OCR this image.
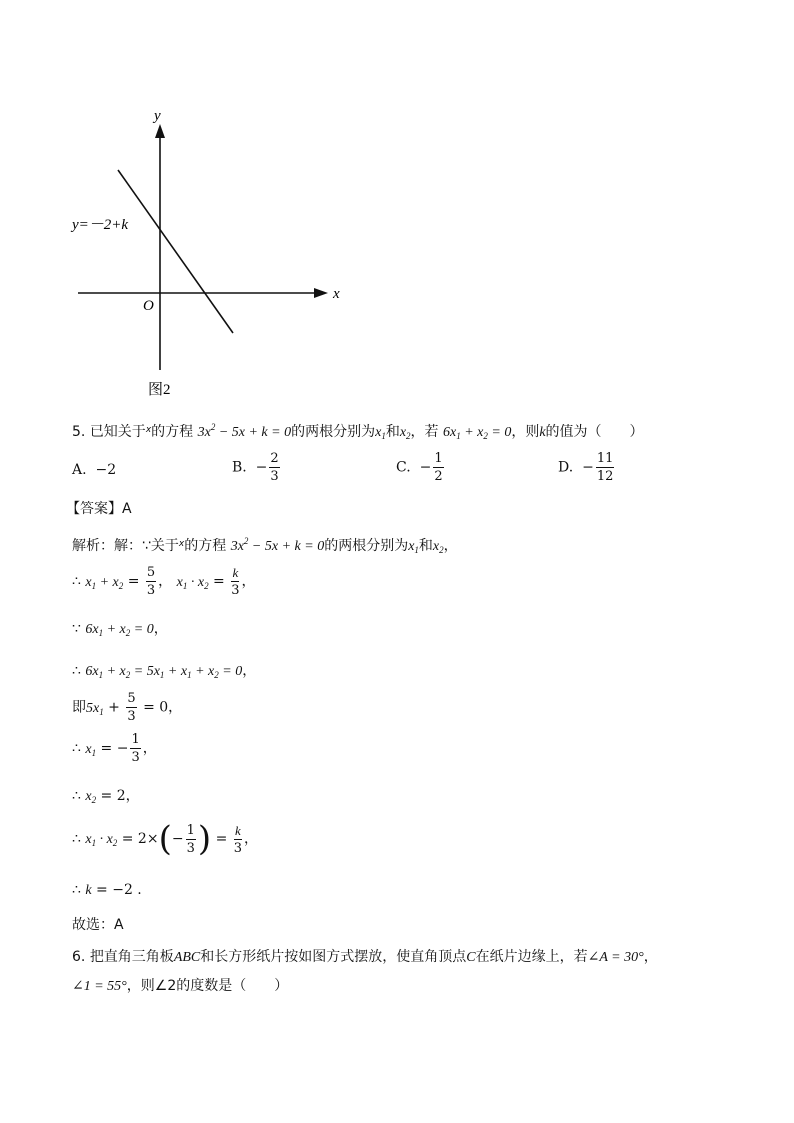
y
x
O
y=－2+k
图2
5. 已知关于$^x$的方程 $3x^2 - 5x + k = 0$的两根分别为$x_1$和$x_2$，若 $6x_1 + x_2 = 0$，则k的值为（　　）
A. −2	B. − $\frac{2}{3}$	C. − $\frac{1}{2}$	D. − $\frac{11}{12}$
【答案】A
解析：解：∵关于$^x$的方程 $3x^2 - 5x + k = 0$的两根分别为$x_1$和$x_2$，
∴ $x_1 + x_2 = \frac{5}{3}$ ， $x_1 \cdot x_2 = \frac{k}{3}$ ，
∵ $6x_1 + x_2 = 0$，
∴ $6x_1 + x_2 = 5x_1 + x_1 + x_2 = 0$，
即$5x_1 + \frac{5}{3} = 0$，
∴ $x_1$ = − $\frac{1}{3}$ ，
∴ $x_2 = 2$，
∴ $x_1 \cdot x_2 = 2\times(- \frac{1}{3}$ ) = $\frac{k}{3}$ ，
∴ k = −2 .
故选：A
6. 把直角三角板ABC和长方形纸片按如图方式摆放，使直角顶点C在纸片边缘上，若∠A = 30°，
∠1 = 55°，则∠2的度数是（　　）
